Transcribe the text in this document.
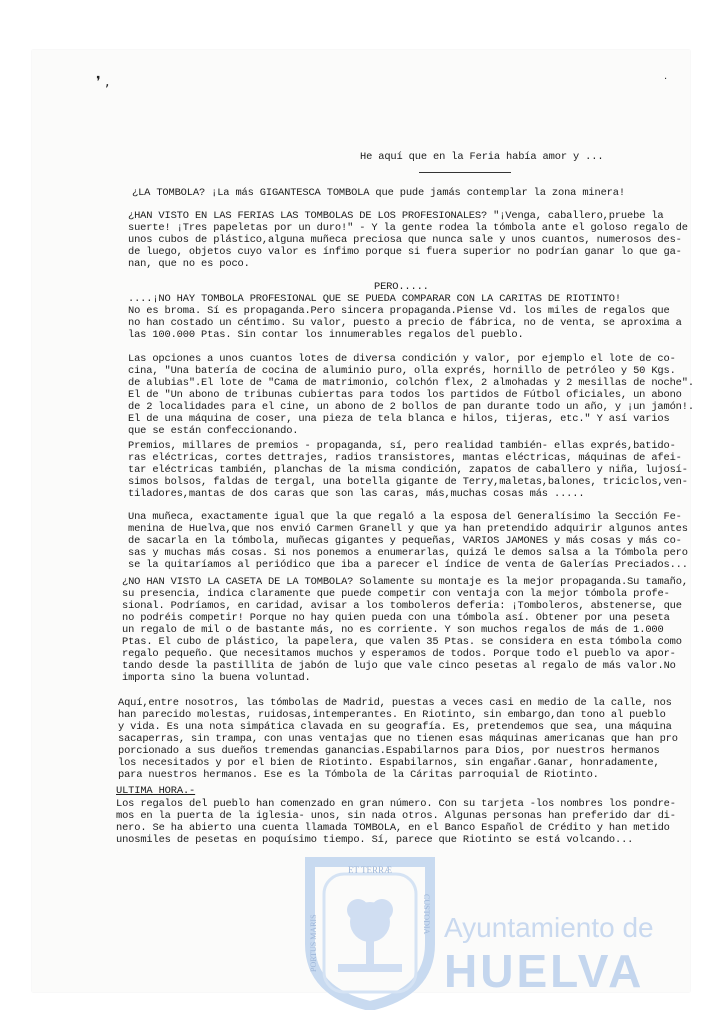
❜ ,	·
He aquí que en la Feria había amor y ...
¿LA TOMBOLA? ¡La más GIGANTESCA TOMBOLA que pude jamás contemplar la zona minera!
¿HAN VISTO EN LAS FERIAS LAS TOMBOLAS DE LOS PROFESIONALES? "¡Venga, caballero,pruebe la
suerte! ¡Tres papeletas por un duro!" - Y la gente rodea la tómbola ante el goloso regalo de
unos cubos de plástico,alguna muñeca preciosa que nunca sale y unos cuantos, numerosos des-
de luego, objetos cuyo valor es ínfimo porque si fuera superior no podrían ganar lo que ga-
nan, que no es poco.
PERO.....
....¡NO HAY TOMBOLA PROFESIONAL QUE SE PUEDA COMPARAR CON LA CARITAS DE RIOTINTO!
No es broma. Sí es propaganda.Pero sincera propaganda.Piense Vd. los miles de regalos que
no han costado un céntimo. Su valor, puesto a precio de fábrica, no de venta, se aproxima a
las 100.000 Ptas. Sin contar los innumerables regalos del pueblo.
Las opciones a unos cuantos lotes de diversa condición y valor, por ejemplo el lote de co-
cina, "Una batería de cocina de aluminio puro, olla exprés, hornillo de petróleo y 50 Kgs.
de alubias".El lote de "Cama de matrimonio, colchón flex, 2 almohadas y 2 mesillas de noche".
El de "Un abono de tribunas cubiertas para todos los partidos de Fútbol oficiales, un abono
de 2 localidades para el cine, un abono de 2 bollos de pan durante todo un año, y ¡un jamón!.
El de una máquina de coser, una pieza de tela blanca e hilos, tijeras, etc." Y así varios
que se están confeccionando.
Premios, millares de premios - propaganda, sí, pero realidad también- ellas exprés,batido-
ras eléctricas, cortes dettrajes, radios transistores, mantas eléctricas, máquinas de afei-
tar eléctricas también, planchas de la misma condición, zapatos de caballero y niña, lujosí-
simos bolsos, faldas de tergal, una botella gigante de Terry,maletas,balones, triciclos,ven-
tiladores,mantas de dos caras que son las caras, más,muchas cosas más .....
Una muñeca, exactamente igual que la que regaló a la esposa del Generalísimo la Sección Fe-
menina de Huelva,que nos envió Carmen Granell y que ya han pretendido adquirir algunos antes
de sacarla en la tómbola, muñecas gigantes y pequeñas, VARIOS JAMONES y más cosas y más co-
sas y muchas más cosas. Si nos ponemos a enumerarlas, quizá le demos salsa a la Tómbola pero
se la quitaríamos al periódico que iba a parecer el índice de venta de Galerías Preciados...
¿NO HAN VISTO LA CASETA DE LA TOMBOLA? Solamente su montaje es la mejor propaganda.Su tamaño,
su presencia, indica claramente que puede competir con ventaja con la mejor tómbola profe-
sional. Podríamos, en caridad, avisar a los tomboleros deferia: ¡Tomboleros, abstenerse, que
no podréis competir! Porque no hay quien pueda con una tómbola así. Obtener por una peseta
un regalo de mil o de bastante más, no es corriente. Y son muchos regalos de más de 1.000
Ptas. El cubo de plástico, la papelera, que valen 35 Ptas. se considera en esta tómbola como
regalo pequeño. Que necesitamos muchos y esperamos de todos. Porque todo el pueblo va apor-
tando desde la pastillita de jabón de lujo que vale cinco pesetas al regalo de más valor.No
importa sino la buena voluntad.
Aquí,entre nosotros, las tómbolas de Madrid, puestas a veces casi en medio de la calle, nos
han parecido molestas, ruidosas,intemperantes. En Riotinto, sin embargo,dan tono al pueblo
y vida. Es una nota simpática clavada en su geografía. Es, pretendemos que sea, una máquina
sacaperras, sin trampa, con unas ventajas que no tienen esas máquinas americanas que han pro
porcionado a sus dueños tremendas ganancias.Espabilarnos para Dios, por nuestros hermanos
los necesitados y por el bien de Riotinto. Espabilarnos, sin engañar.Ganar, honradamente,
para nuestros hermanos. Ese es la Tómbola de la Cáritas parroquial de Riotinto.
ULTIMA HORA.-
Los regalos del pueblo han comenzado en gran número. Con su tarjeta -los nombres los pondre-
mos en la puerta de la iglesia- unos, sin nada otros. Algunas personas han preferido dar di-
nero. Se ha abierto una cuenta llamada TOMBOLA, en el Banco Español de Crédito y han metido
unosmiles de pesetas en poquísimo tiempo. Sí, parece que Riotinto se está volcando...
ET TERRÆ
PORTUS MARIS
CUSTODIA Ayuntamiento de
HUELVA
